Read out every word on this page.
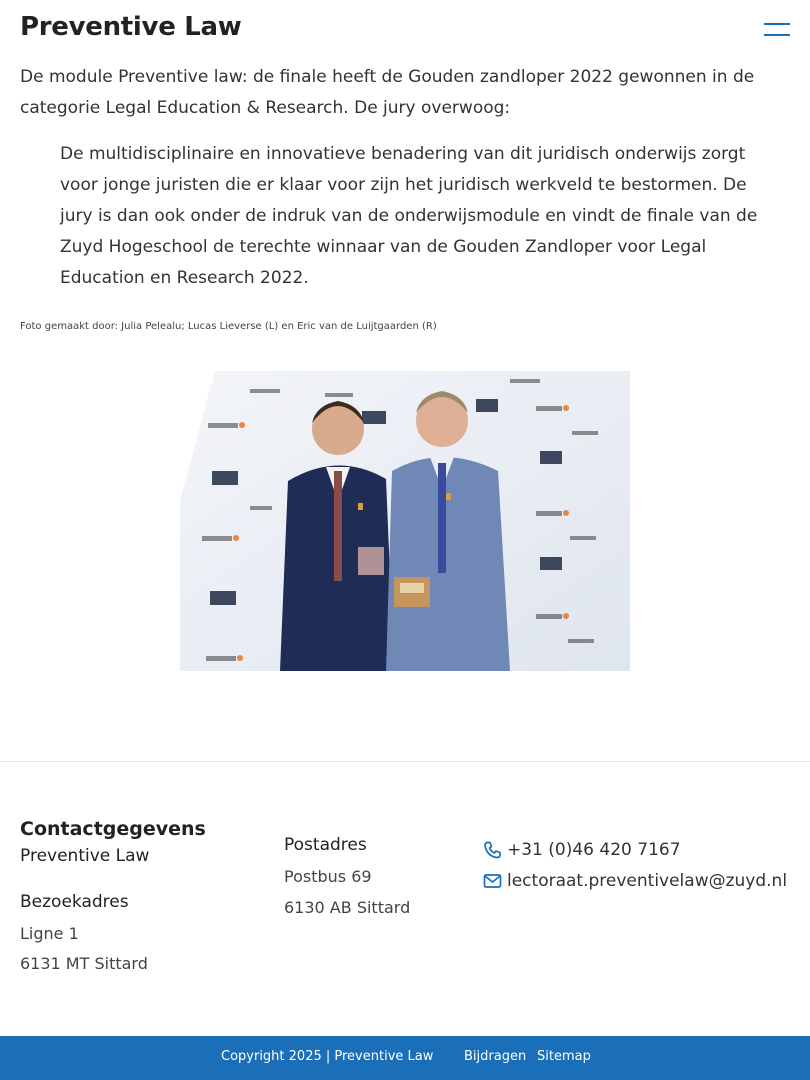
Preventive Law

De module Preventive law: de finale heeft de Gouden zandloper 2022 gewonnen in de categorie Legal Education & Research. De jury overwoog:

De multidisciplinaire en innovatieve benadering van dit juridisch onderwijs zorgt voor jonge juristen die er klaar voor zijn het juridisch werkveld te bestormen. De jury is dan ook onder de indruk van de onderwijsmodule en vindt de finale van de Zuyd Hogeschool de terechte winnaar van de Gouden Zandloper voor Legal Education en Research 2022.

Foto gemaakt door: Julia Pelealu; Lucas Lieverse (L) en Eric van de Luijtgaarden (R)

Contactgegevens
Preventive Law
Bezoekadres
Ligne 1
6131 MT Sittard
Postadres
Postbus 69
6130 AB Sittard
+31 (0)46 420 7167
lectoraat.preventivelaw@zuyd.nl
Copyright 2025 | Preventive Law Bijdragen Sitemap
